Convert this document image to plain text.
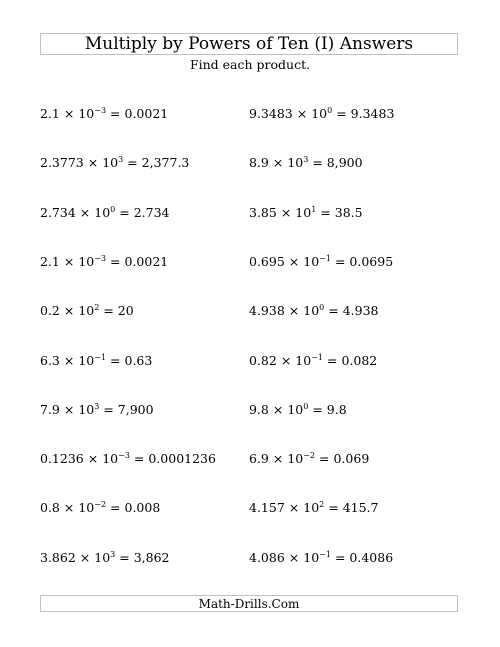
Multiply by Powers of Ten (I) Answers
Find each product.
$2.1 \times 10^{-3} = 0.0021$	$9.3483 \times 10^0 = 9.3483$
$2.3773 \times 10^3 = 2,377.3$	$8.9 \times 10^3 = 8,900$
$2.734 \times 10^0 = 2.734$	$3.85 \times 10^1 = 38.5$
$2.1 \times 10^{-3} = 0.0021$	$0.695 \times 10^{-1} = 0.0695$
$0.2 \times 10^2 = 20$	$4.938 \times 10^0 = 4.938$
$6.3 \times 10^{-1} = 0.63$	$0.82 \times 10^{-1} = 0.082$
$7.9 \times 10^3 = 7,900$	$9.8 \times 10^0 = 9.8$
$0.1236 \times 10^{-3} = 0.0001236$	$6.9 \times 10^{-2} = 0.069$
$0.8 \times 10^{-2} = 0.008$	$4.157 \times 10^2 = 415.7$
$3.862 \times 10^3 = 3,862$	$4.086 \times 10^{-1} = 0.4086$
Math-Drills.Com
